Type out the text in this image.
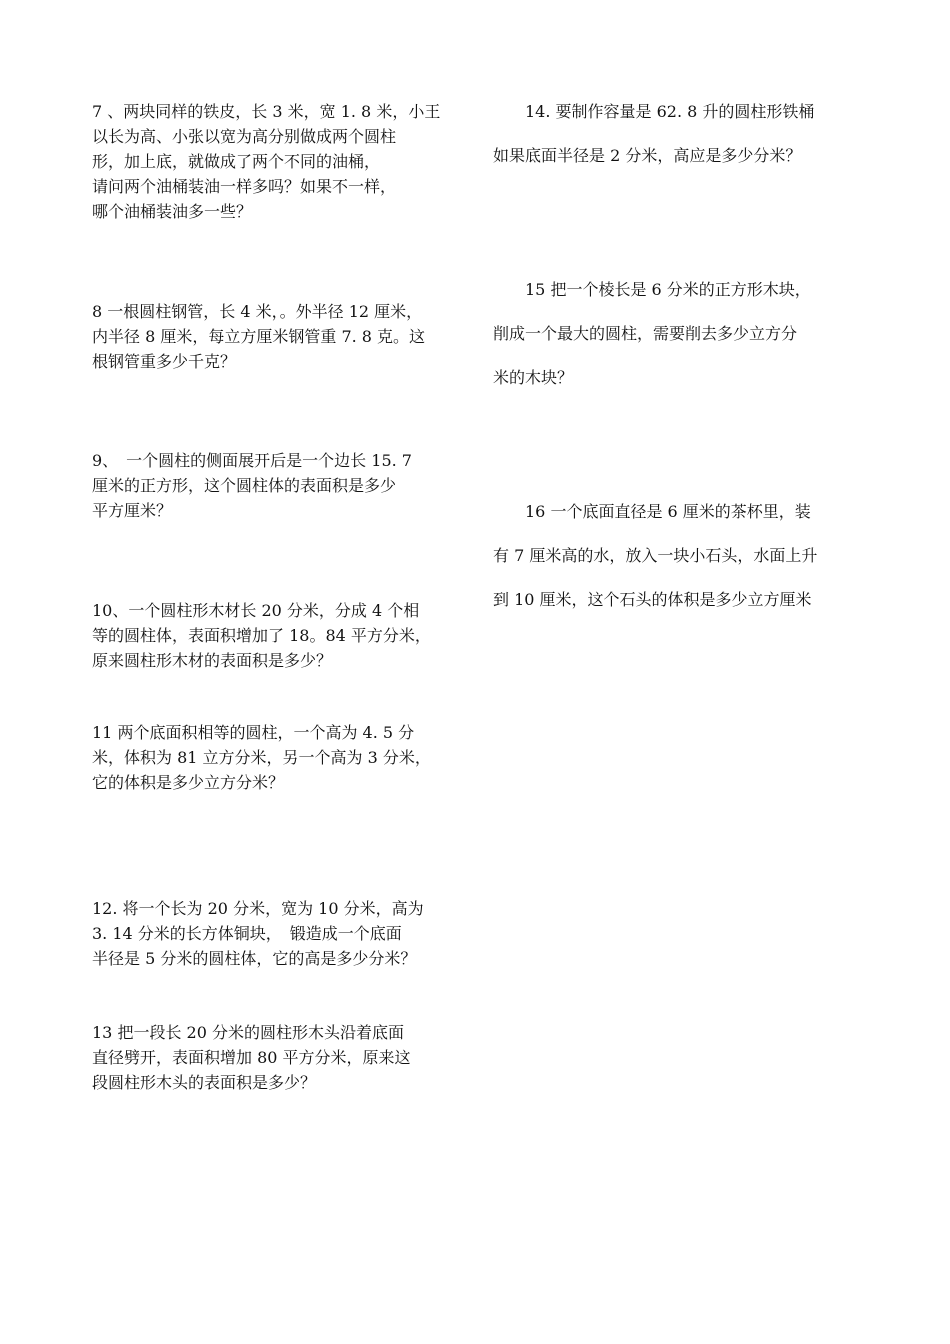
7 、两块同样的铁皮，长 3 米，宽 1. 8 米，小王
以长为高、小张以宽为高分别做成两个圆柱
形，加上底，就做成了两个不同的油桶，
请问两个油桶装油一样多吗？如果不一样，
哪个油桶装油多一些？
8 一根圆柱钢管，长 4 米，。外半径 12 厘米，
内半径 8 厘米，每立方厘米钢管重 7. 8 克。这
根钢管重多少千克？
9、　一个圆柱的侧面展开后是一个边长 15. 7
厘米的正方形，这个圆柱体的表面积是多少
平方厘米？
10、一个圆柱形木材长 20 分米，分成 4 个相
等的圆柱体，表面积增加了 18。84 平方分米，
原来圆柱形木材的表面积是多少？
11 两个底面积相等的圆柱，一个高为 4. 5 分
米，体积为 81 立方分米，另一个高为 3 分米，
它的体积是多少立方分米？
12. 将一个长为 20 分米，宽为 10 分米，高为
3. 14 分米的长方体铜块，　锻造成一个底面
半径是 5 分米的圆柱体，它的高是多少分米？
13 把一段长 20 分米的圆柱形木头沿着底面
直径劈开，表面积增加 80 平方分米，原来这
段圆柱形木头的表面积是多少？
　　14. 要制作容量是 62. 8 升的圆柱形铁桶
如果底面半径是 2 分米，高应是多少分米？
　　15 把一个棱长是 6 分米的正方形木块，
削成一个最大的圆柱，需要削去多少立方分
米的木块？
　　16 一个底面直径是 6 厘米的茶杯里，装
有 7 厘米高的水，放入一块小石头，水面上升
到 10 厘米，这个石头的体积是多少立方厘米
